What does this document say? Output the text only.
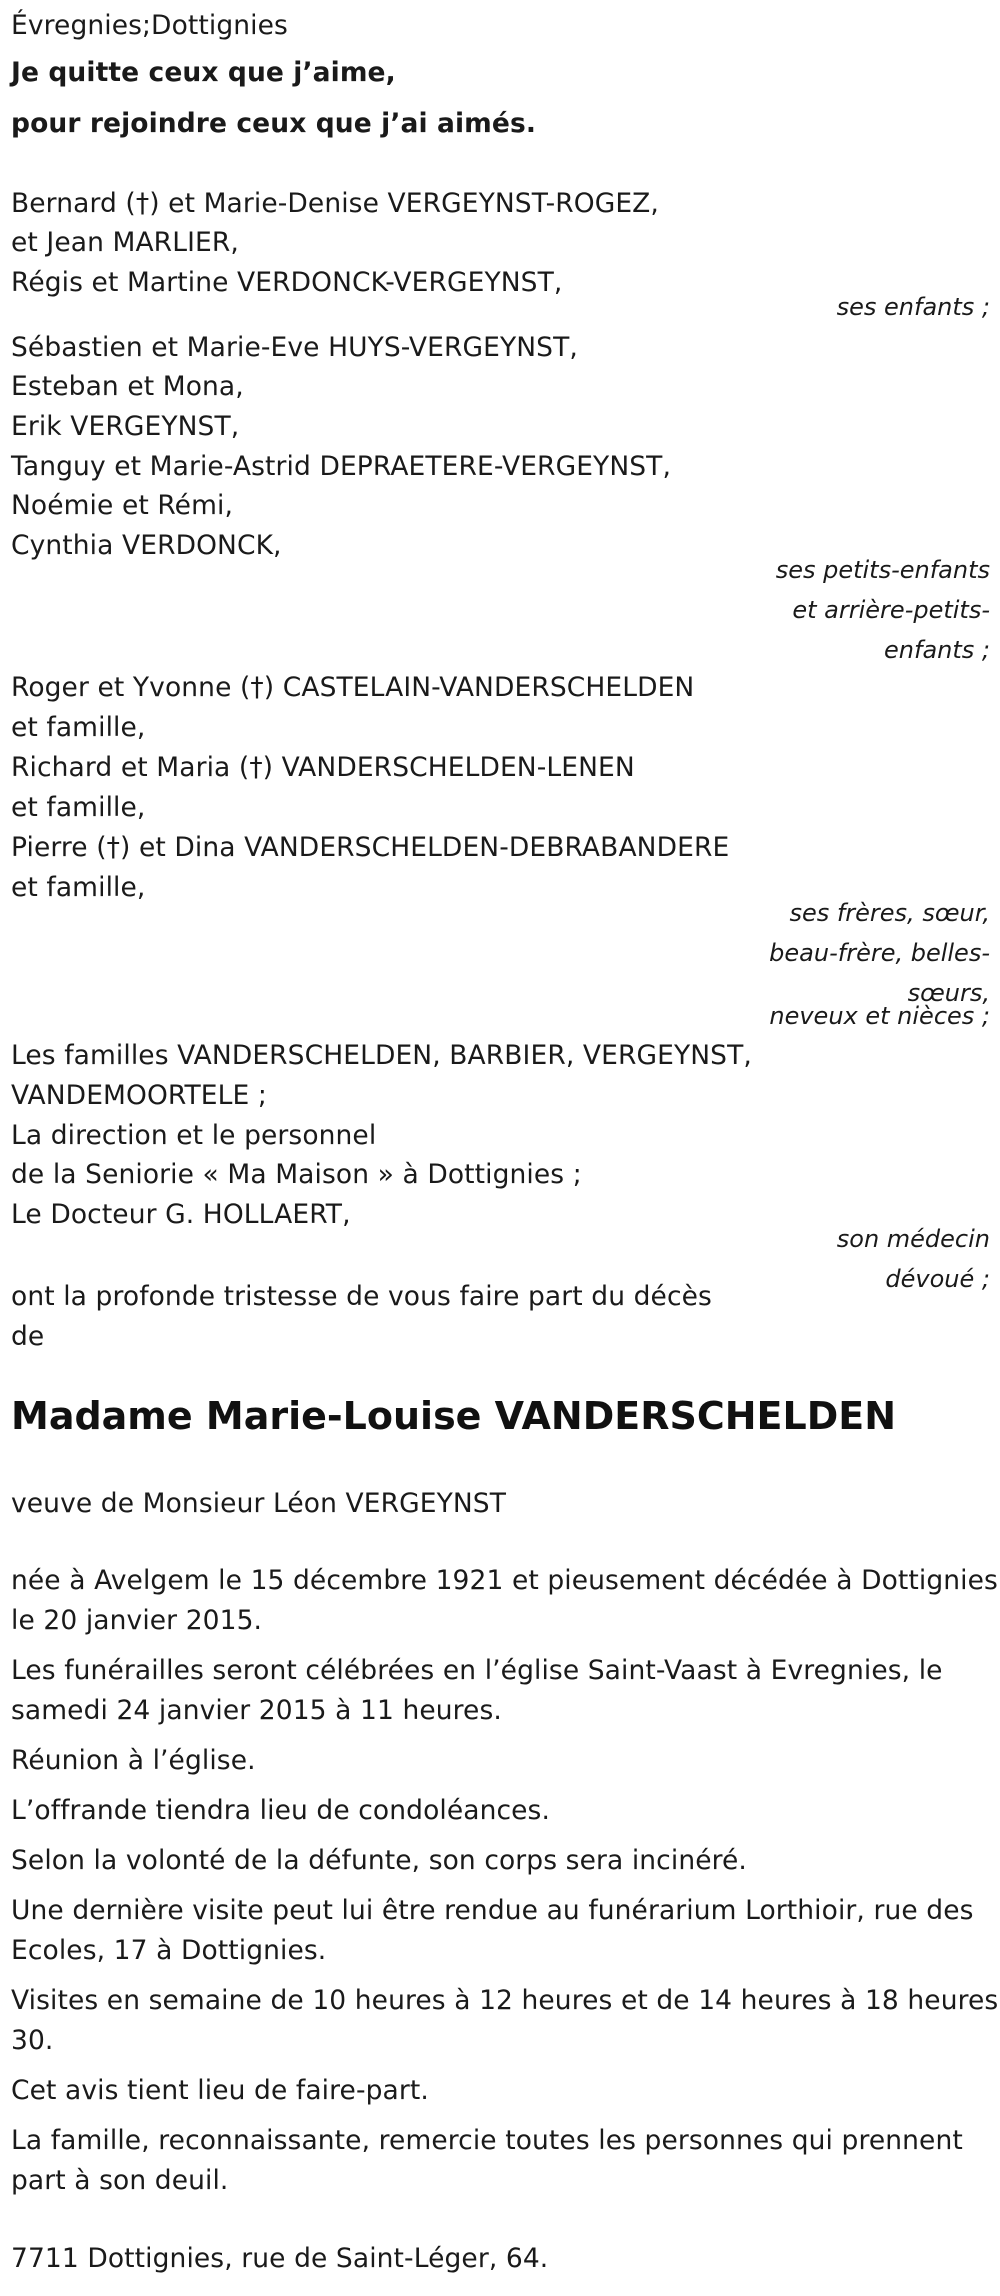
Évregnies;Dottignies
Je quitte ceux que j’aime,
pour rejoindre ceux que j’ai aimés.
Bernard (†) et Marie-Denise VERGEYNST-ROGEZ,
et Jean MARLIER,
Régis et Martine VERDONCK-VERGEYNST,
ses enfants ;
Sébastien et Marie-Eve HUYS-VERGEYNST,
Esteban et Mona,
Erik VERGEYNST,
Tanguy et Marie-Astrid DEPRAETERE-VERGEYNST,
Noémie et Rémi,
Cynthia VERDONCK,
ses petits-enfants
et arrière-petits-
enfants ;
Roger et Yvonne (†) CASTELAIN-VANDERSCHELDEN
et famille,
Richard et Maria (†) VANDERSCHELDEN-LENEN
et famille,
Pierre (†) et Dina VANDERSCHELDEN-DEBRABANDERE
et famille,
ses frères, sœur,
beau-frère, belles-
sœurs,
neveux et nièces ;
Les familles VANDERSCHELDEN, BARBIER, VERGEYNST,
VANDEMOORTELE ;
La direction et le personnel
de la Seniorie « Ma Maison » à Dottignies ;
Le Docteur G. HOLLAERT,
son médecin
dévoué ;
ont la profonde tristesse de vous faire part du décès
de
Madame Marie-Louise VANDERSCHELDEN
veuve de Monsieur Léon VERGEYNST
née à Avelgem le 15 décembre 1921 et pieusement décédée à Dottignies
le 20 janvier 2015.
Les funérailles seront célébrées en l’église Saint-Vaast à Evregnies, le
samedi 24 janvier 2015 à 11 heures.
Réunion à l’église.
L’offrande tiendra lieu de condoléances.
Selon la volonté de la défunte, son corps sera incinéré.
Une dernière visite peut lui être rendue au funérarium Lorthioir, rue des
Ecoles, 17 à Dottignies.
Visites en semaine de 10 heures à 12 heures et de 14 heures à 18 heures
30.
Cet avis tient lieu de faire-part.
La famille, reconnaissante, remercie toutes les personnes qui prennent
part à son deuil.
7711 Dottignies, rue de Saint-Léger, 64.
